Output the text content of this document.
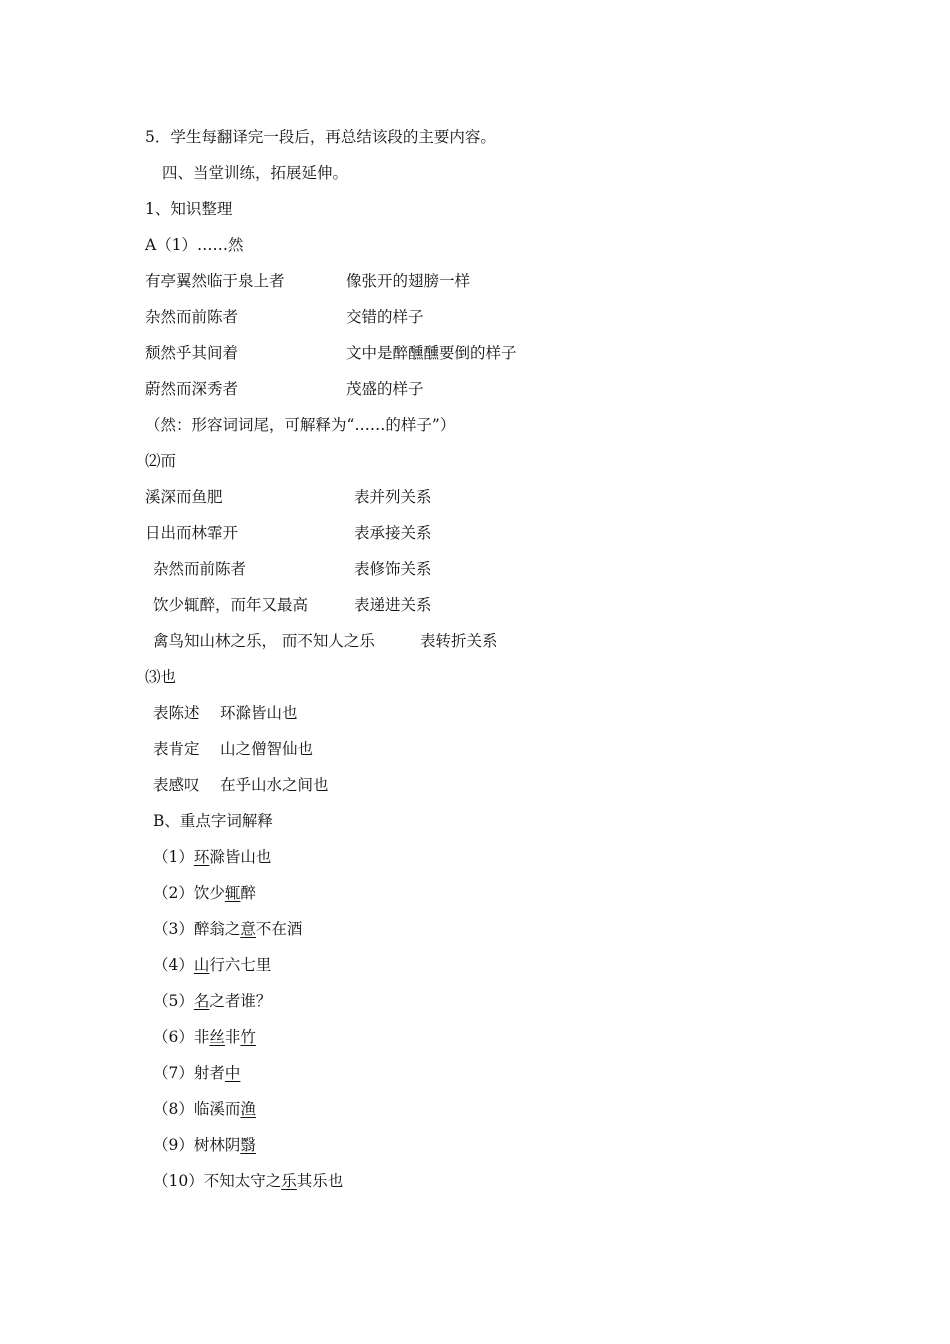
5．学生每翻译完一段后，再总结该段的主要内容。
四、当堂训练，拓展延伸。
1、知识整理
A（1）……然
有亭翼然临于泉上者	像张开的翅膀一样
杂然而前陈者	交错的样子
颓然乎其间着	文中是醉醺醺要倒的样子
蔚然而深秀者	茂盛的样子
（然：形容词词尾，可解释为“……的样子”）
⑵而
溪深而鱼肥	表并列关系
日出而林霏开	表承接关系
杂然而前陈者	表修饰关系
饮少辄醉，而年又最高	表递进关系
禽鸟知山林之乐， 而不知人之乐	表转折关系
⑶也
表陈述 环滁皆山也
表肯定 山之僧智仙也
表感叹 在乎山水之间也
B、重点字词解释
（1）环滁皆山也
（2）饮少辄醉
（3）醉翁之意不在酒
（4）山行六七里
（5）名之者谁？
（6）非丝非竹
（7）射者中
（8）临溪而渔
（9）树林阴翳
（10）不知太守之乐其乐也
